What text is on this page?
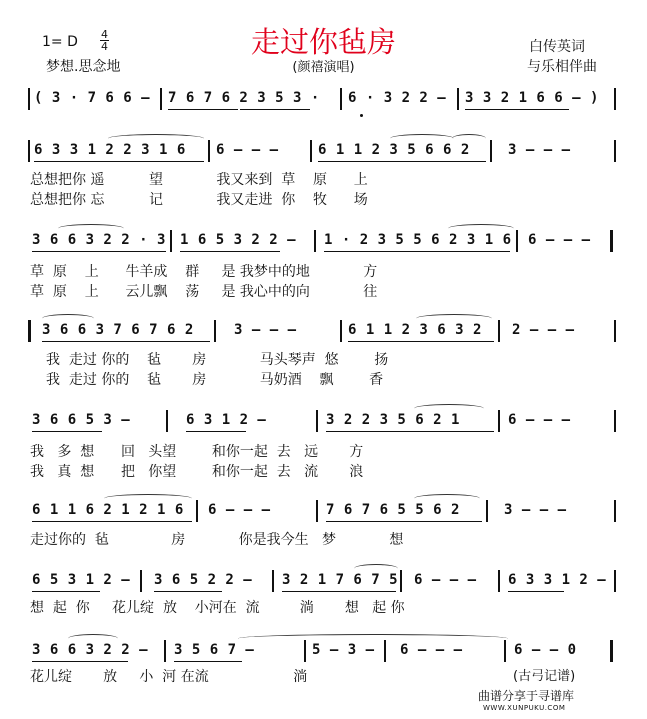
1= D 4
4	走过你毡房
(颜禧演唱)
梦想.思念地
白传英词
与乐相伴曲
( 3 · 7 6 6 – 7 6 7 6 2 3 5 3 · 6 · 3 2 2 – 3 3 2 1 6 6 – )
6 3 3 1 2 2 3 1 6 6 – – –	6 1 1 2 3 5 6 6 2	3 – – –
总想把你 遥          望            我又来到  草    原      上
总想把你 忘          记            我又走进  你    牧      场
3 6 6 3 2 2 · 3 1 6 5 3 2 2 – 1 · 2 3 5 5 6 2 3 1 6 6 – – –
草  原    上      牛羊成    群     是 我梦中的地            方
草  原    上      云儿飘    荡     是 我心中的向            往
3 6 6 3 7 6 7 6 2	3 – – –	6 1 1 2 3 6 3 2 2 – – –
我  走过 你的    毡       房            马头琴声  悠        扬
我  走过 你的    毡       房            马奶酒    飘        香
3 6 6 5 3 –	6 3 1 2 –	3 2 2 3 5 6 2 1	6 – – –
我   多  想      回   头望        和你一起  去   远       方
我   真  想      把   你望        和你一起  去   流       浪
6 1 1 6 2 1 2 1 6 6 – – –	7 6 7 6 5 5 6 2	3 – – –
走过你的  毡              房            你是我今生   梦            想
6 5 3 1 2 – 3 6 5 2 2 – 3 2 1 7 6 7 5 6 – – – 6 3 3 1 2 –
想  起  你     花儿绽  放    小河在  流         淌       想   起 你
3 6 6 3 2 2 – 3 5 6 7 –	5 – 3 – 6 – – –	6 – – 0
花儿绽       放     小  河 在流                   淌	(古弓记谱)
曲谱分享于寻谱库
WWW.XUNPUKU.COM
